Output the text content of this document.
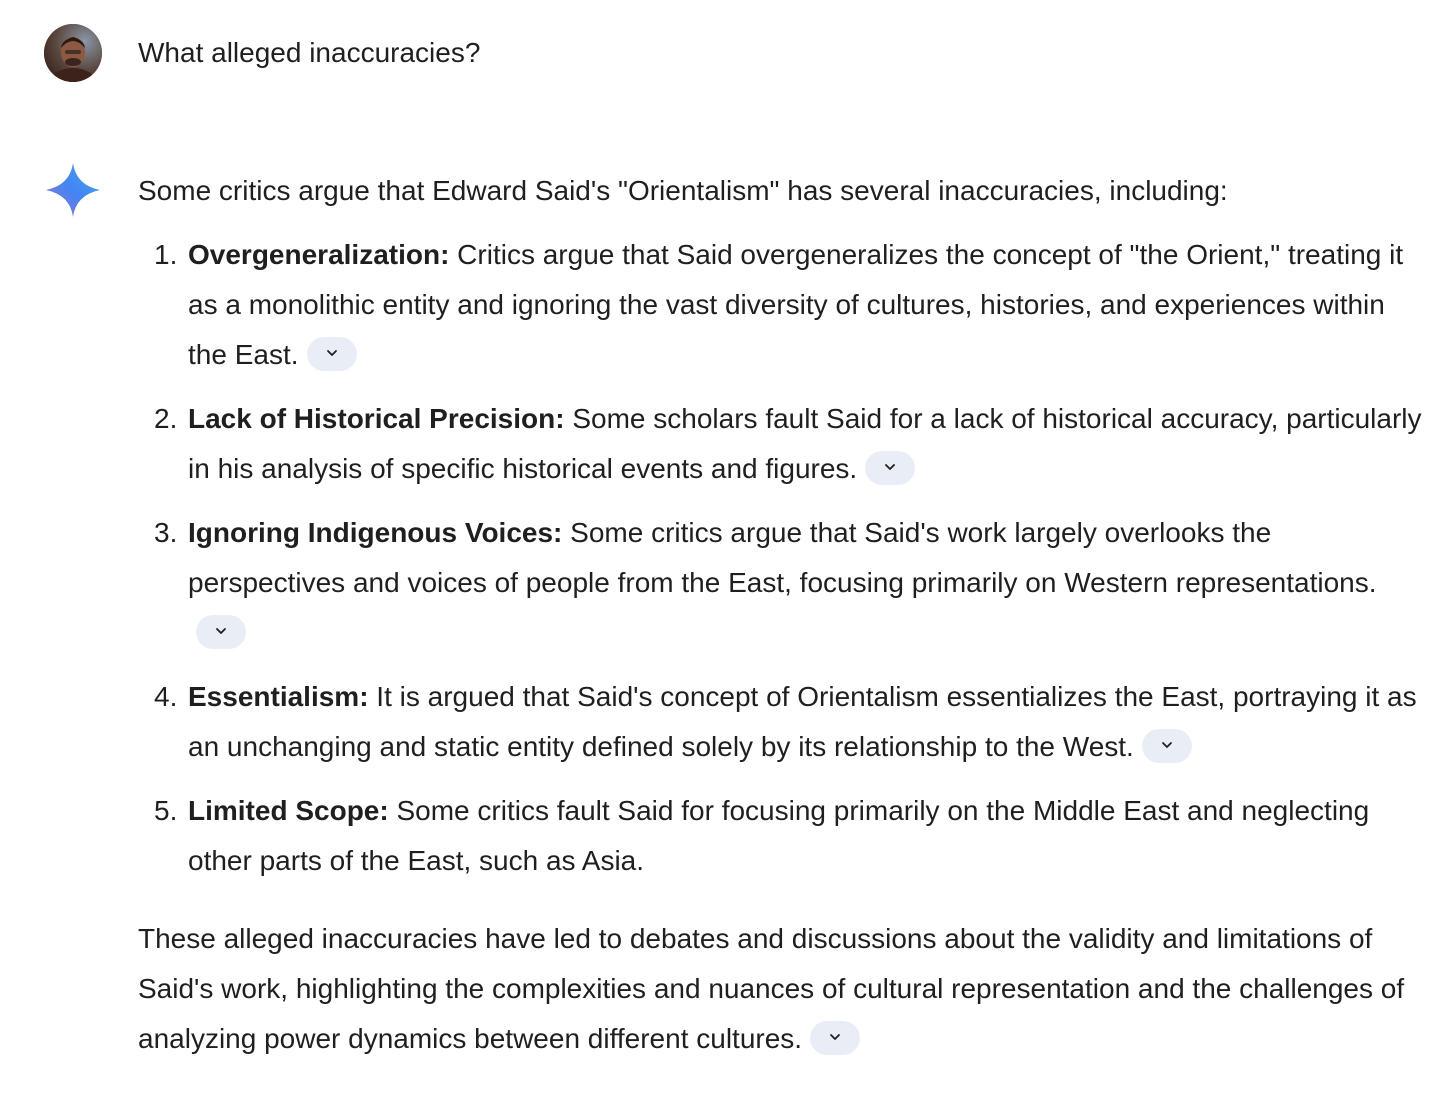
What alleged inaccuracies?

Some critics argue that Edward Said's "Orientalism" has several inaccuracies, including:

1. Overgeneralization: Critics argue that Said overgeneralizes the concept of "the Orient," treating it as a monolithic entity and ignoring the vast diversity of cultures, histories, and experiences within the East.
2. Lack of Historical Precision: Some scholars fault Said for a lack of historical accuracy, particularly in his analysis of specific historical events and figures.
3. Ignoring Indigenous Voices: Some critics argue that Said's work largely overlooks the perspectives and voices of people from the East, focusing primarily on Western representations.
4. Essentialism: It is argued that Said's concept of Orientalism essentializes the East, portraying it as an unchanging and static entity defined solely by its relationship to the West.
5. Limited Scope: Some critics fault Said for focusing primarily on the Middle East and neglecting other parts of the East, such as Asia.

These alleged inaccuracies have led to debates and discussions about the validity and limitations of Said's work, highlighting the complexities and nuances of cultural representation and the challenges of analyzing power dynamics between different cultures.
